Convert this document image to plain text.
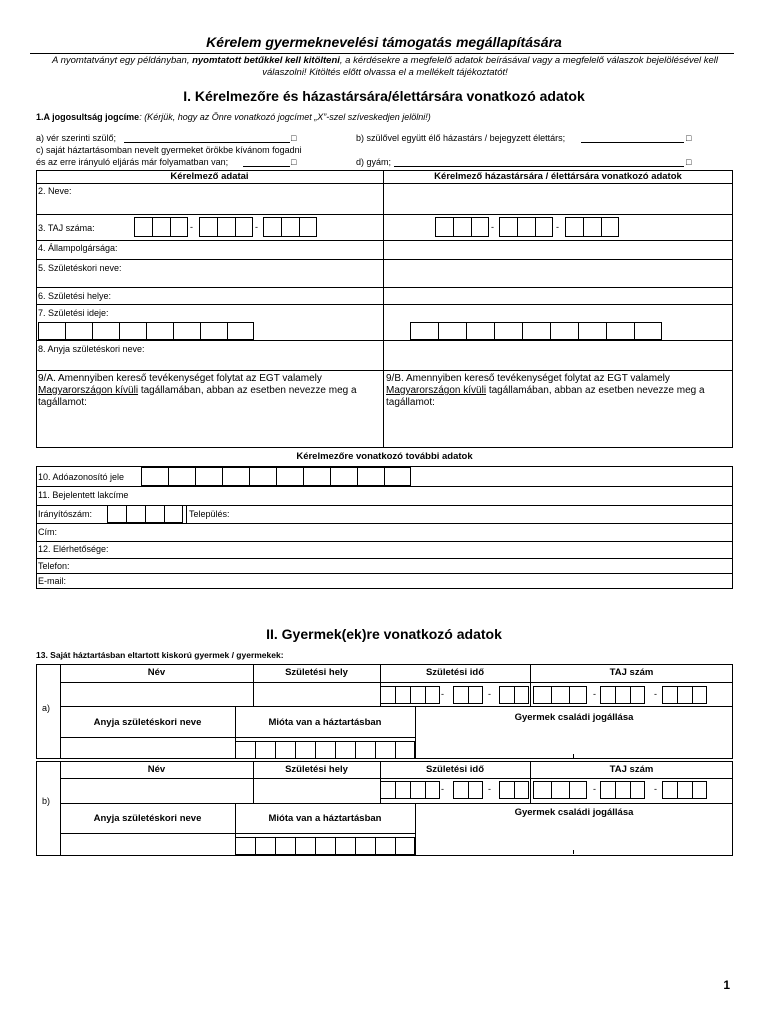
Kérelem gyermeknevelési támogatás megállapítására
A nyomtatványt egy példányban, nyomtatott betűkkel kell kitölteni, a kérdésekre a megfelelő adatok beírásával vagy a megfelelő válaszok bejelölésével kell válaszolni! Kitöltés előtt olvassa el a mellékelt tájékoztatót!
I. Kérelmezőre és házastársára/élettársára vonatkozó adatok
1.A jogosultság jogcíme: (Kérjük, hogy az Önre vonatkozó jogcímet „X”-szel szíveskedjen jelölni!)
a) vér szerinti szülő;	□	b) szülővel együtt élő házastárs / bejegyzett élettárs;	□
c) saját háztartásomban nevelt gyermeket örökbe kívánom fogadni
és az erre irányuló eljárás már folyamatban van;	□	d) gyám;	□
Kérelmező adatai	Kérelmező házastársára / élettársára vonatkozó adatok
2. Neve:
3. TAJ száma:	-	-	-	-
4. Állampolgársága:
5. Születéskori neve:
6. Születési helye:
7. Születési ideje:
8. Anyja születéskori neve:
9/A. Amennyiben kereső tevékenységet folytat az EGT valamely Magyarországon kívüli tagállamában, abban az esetben nevezze meg a tagállamot:
9/B. Amennyiben kereső tevékenységet folytat az EGT valamely Magyarországon kívüli tagállamában, abban az esetben nevezze meg a tagállamot:
Kérelmezőre vonatkozó további adatok
10. Adóazonosító jele
11. Bejelentett lakcíme
Irányítószám:	Település:
Cím:
12. Elérhetősége:
Telefon:
E-mail:
II. Gyermek(ek)re vonatkozó adatok
13. Saját háztartásban eltartott kiskorú gyermek / gyermekek:
a)
Név	Születési hely	Születési idő	TAJ szám
-	-	-	-
Anyja születéskori neve	Mióta van a háztartásban	Gyermek családi jogállása
b)
Név	Születési hely	Születési idő	TAJ szám
-	-	-	-
Anyja születéskori neve	Mióta van a háztartásban
Gyermek családi jogállása
1
